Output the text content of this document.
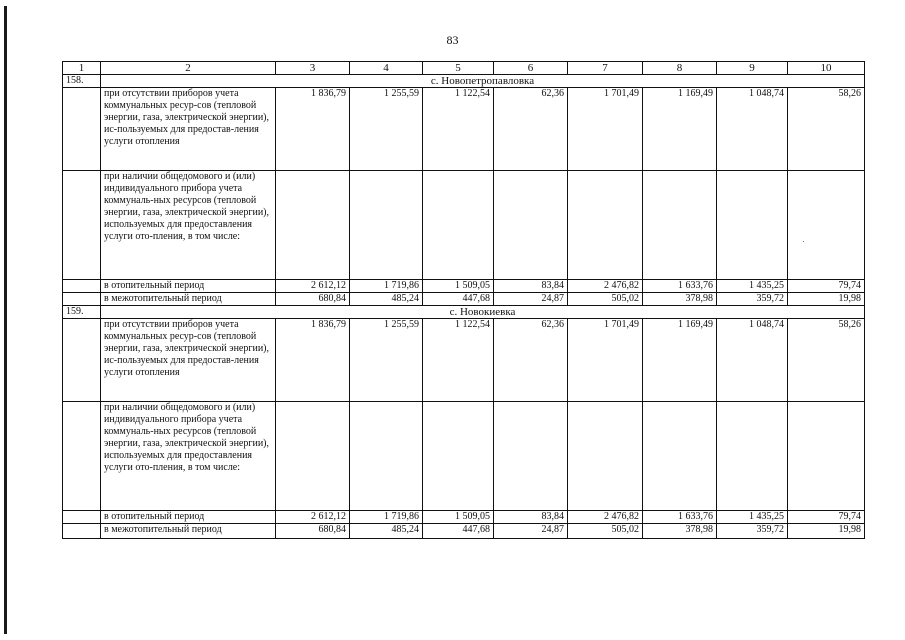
83
1	2	3	4	5	6	7	8	9	10
158.	с. Новопетропавловка								
	при отсутствии приборов учета коммунальных ресур-сов (тепловой энергии, газа, электрической энергии), ис-пользуемых для предостав-ления услуги отопления	1 836,79	1 255,59	1 122,54	62,36	1 701,49	1 169,49	1 048,74	58,26
	при наличии общедомового и (или) индивидуального прибора учета коммуналь-ных ресурсов (тепловой энергии, газа, электрической энергии), используемых для предоставления услуги ото-пления, в том числе:								
	в отопительный период	2 612,12	1 719,86	1 509,05	83,84	2 476,82	1 633,76	1 435,25	79,74
	в межотопительный период	680,84	485,24	447,68	24,87	505,02	378,98	359,72	19,98
159.	с. Новокиевка								
	при отсутствии приборов учета коммунальных ресур-сов (тепловой энергии, газа, электрической энергии), ис-пользуемых для предостав-ления услуги отопления	1 836,79	1 255,59	1 122,54	62,36	1 701,49	1 169,49	1 048,74	58,26
	при наличии общедомового и (или) индивидуального прибора учета коммуналь-ных ресурсов (тепловой энергии, газа, электрической энергии), используемых для предоставления услуги ото-пления, в том числе:								
	в отопительный период	2 612,12	1 719,86	1 509,05	83,84	2 476,82	1 633,76	1 435,25	79,74
	в межотопительный период	680,84	485,24	447,68	24,87	505,02	378,98	359,72	19,98
